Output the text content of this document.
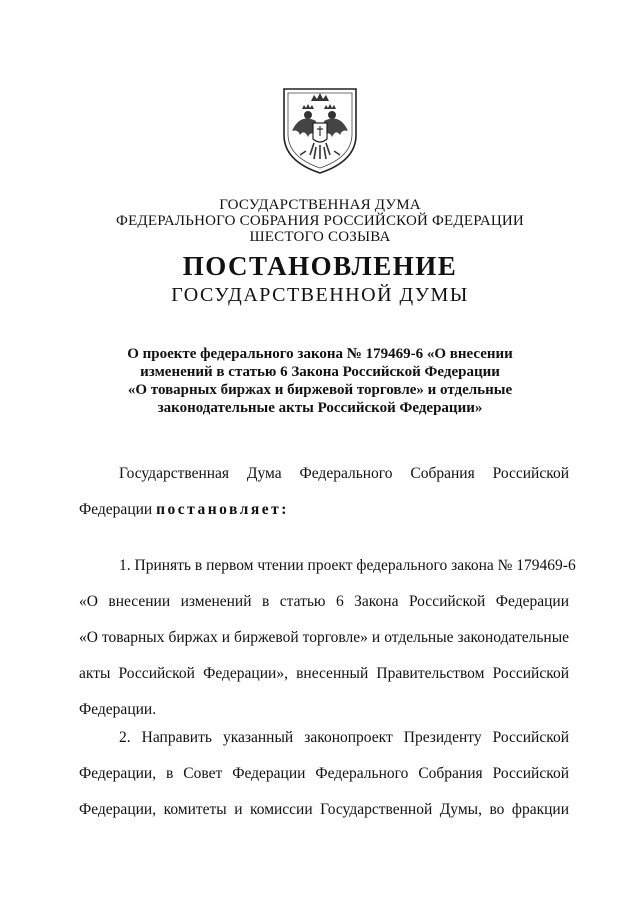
ГОСУДАРСТВЕННАЯ ДУМА
ФЕДЕРАЛЬНОГО СОБРАНИЯ РОССИЙСКОЙ ФЕДЕРАЦИИ
ШЕСТОГО СОЗЫВА
ПОСТАНОВЛЕНИЕ
ГОСУДАРСТВЕННОЙ ДУМЫ
О проекте федерального закона № 179469-6 «О внесении
изменений в статью 6 Закона Российской Федерации
«О товарных биржах и биржевой торговле» и отдельные
законодательные акты Российской Федерации»
Государственная Дума Федерального Собрания Российской
Федерации постановляет:
1. Принять в первом чтении проект федерального закона № 179469-6
«О внесении изменений в статью 6 Закона Российской Федерации
«О товарных биржах и биржевой торговле» и отдельные законодательные
акты Российской Федерации», внесенный Правительством Российской
Федерации.
2. Направить указанный законопроект Президенту Российской
Федерации, в Совет Федерации Федерального Собрания Российской
Федерации, комитеты и комиссии Государственной Думы, во фракции
